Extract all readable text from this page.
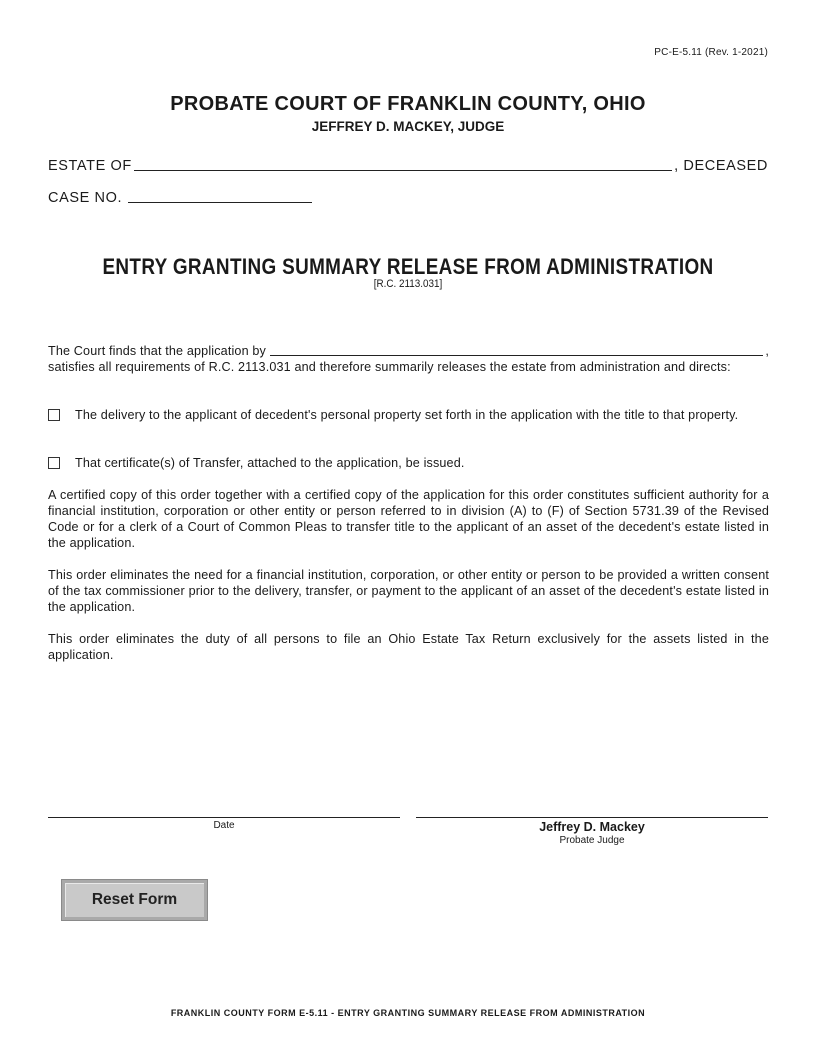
PC-E-5.11 (Rev. 1-2021)
PROBATE COURT OF FRANKLIN COUNTY, OHIO
JEFFREY D. MACKEY, JUDGE
ESTATE OF	, DECEASED
CASE NO.
ENTRY GRANTING SUMMARY RELEASE FROM ADMINISTRATION
[R.C. 2113.031]
The Court finds that the application by	,
satisfies all requirements of R.C. 2113.031 and therefore summarily releases the estate from administration and directs:
The delivery to the applicant of decedent's personal property set forth in the application with the title to that property.
That certificate(s) of Transfer, attached to the application, be issued.
A certified copy of this order together with a certified copy of the application for this order constitutes sufficient authority for a financial institution, corporation or other entity or person referred to in division (A) to (F) of Section 5731.39 of the Revised Code or for a clerk of a Court of Common Pleas to transfer title to the applicant of an asset of the decedent's estate listed in the application.
This order eliminates the need for a financial institution, corporation, or other entity or person to be provided a written consent of the tax commissioner prior to the delivery, transfer, or payment to the applicant of an asset of the decedent's estate listed in the application.
This order eliminates the duty of all persons to file an Ohio Estate Tax Return exclusively for the assets listed in the application.
Date	Jeffrey D. Mackey
Probate Judge
Reset Form
FRANKLIN COUNTY FORM E-5.11 - ENTRY GRANTING SUMMARY RELEASE FROM ADMINISTRATION
